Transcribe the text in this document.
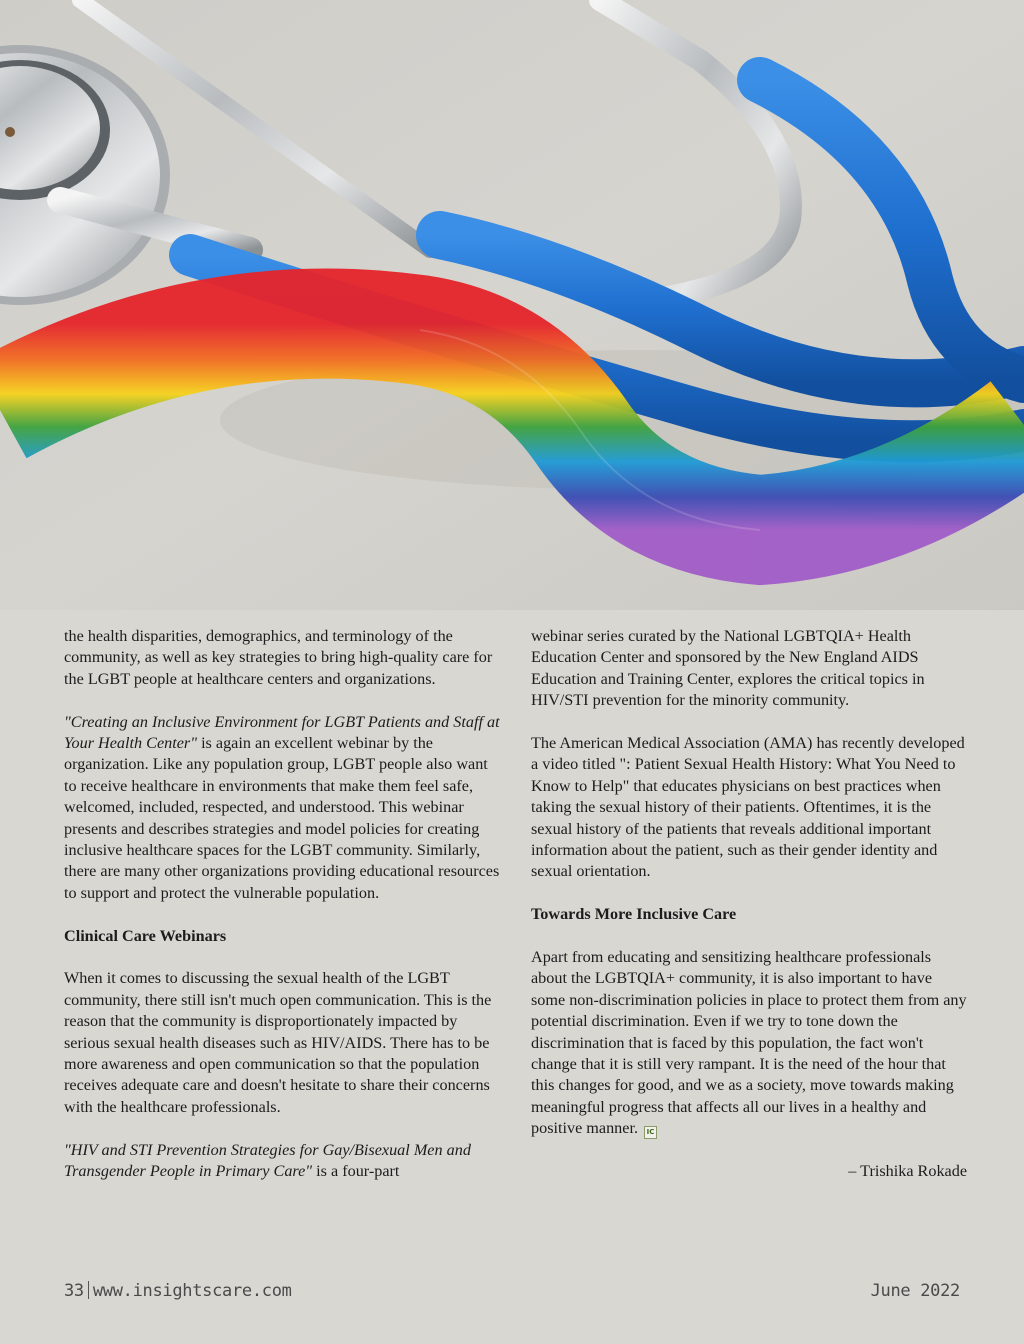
the health disparities, demographics, and terminology of the community, as well as key strategies to bring high-quality care for the LGBT people at healthcare centers and organizations.

"Creating an Inclusive Environment for LGBT Patients and Staff at Your Health Center" is again an excellent webinar by the organization. Like any population group, LGBT people also want to receive healthcare in environments that make them feel safe, welcomed, included, respected, and understood. This webinar presents and describes strategies and model policies for creating inclusive healthcare spaces for the LGBT community. Similarly, there are many other organizations providing educational resources to support and protect the vulnerable population.

Clinical Care Webinars

When it comes to discussing the sexual health of the LGBT community, there still isn't much open communication. This is the reason that the community is disproportionately impacted by serious sexual health diseases such as HIV/AIDS. There has to be more awareness and open communication so that the population receives adequate care and doesn't hesitate to share their concerns with the healthcare professionals.

"HIV and STI Prevention Strategies for Gay/Bisexual Men and Transgender People in Primary Care" is a four-part

webinar series curated by the National LGBTQIA+ Health Education Center and sponsored by the New England AIDS Education and Training Center, explores the critical topics in HIV/STI prevention for the minority community.

The American Medical Association (AMA) has recently developed a video titled ": Patient Sexual Health History: What You Need to Know to Help" that educates physicians on best practices when taking the sexual history of their patients. Oftentimes, it is the sexual history of the patients that reveals additional important information about the patient, such as their gender identity and sexual orientation.

Towards More Inclusive Care

Apart from educating and sensitizing healthcare professionals about the LGBTQIA+ community, it is also important to have some non-discrimination policies in place to protect them from any potential discrimination. Even if we try to tone down the discrimination that is faced by this population, the fact won't change that it is still very rampant. It is the need of the hour that this changes for good, and we as a society, move towards making meaningful progress that affects all our lives in a healthy and positive manner. IC

– Trishika Rokade

33 www.insightscare.com	June 2022
